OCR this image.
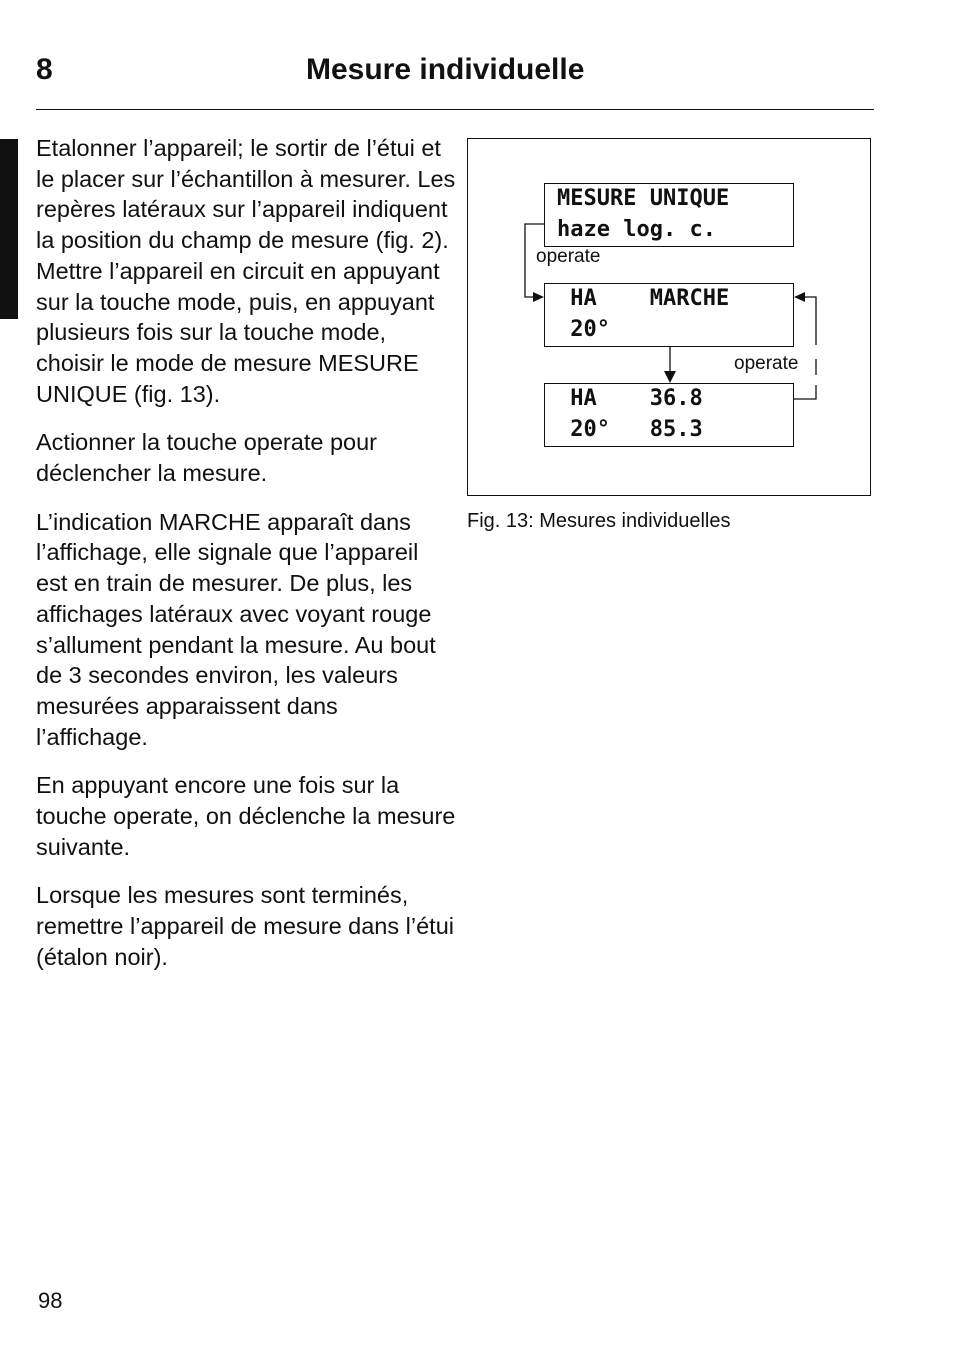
8	Mesure individuelle

Etalonner l’appareil; le sortir de l’étui et le placer sur l’échantillon à mesurer. Les repères latéraux sur l’appareil indiquent la position du champ de mesure (fig. 2). Mettre l’appareil en circuit en appuyant sur la touche mode, puis, en appuyant plusieurs fois sur la touche mode, choisir le mode de mesure MESURE UNIQUE (fig. 13).

Actionner la touche operate pour déclencher la mesure.

L’indication MARCHE apparaît dans l’affichage, elle signale que l’appareil est en train de mesurer. De plus, les affichages latéraux avec voyant rouge s’allument pendant la mesure. Au bout de 3 secondes environ, les valeurs mesurées apparaissent dans l’affichage.

En appuyant encore une fois sur la touche operate, on déclenche la mesure suivante.

Lorsque les mesures sont terminés, remettre l’appareil de mesure dans l’étui (étalon noir).

MESURE UNIQUE
haze log. c.
operate
HA    MARCHE
20°
operate
HA    36.8
20°   85.3
Fig. 13: Mesures individuelles
98
